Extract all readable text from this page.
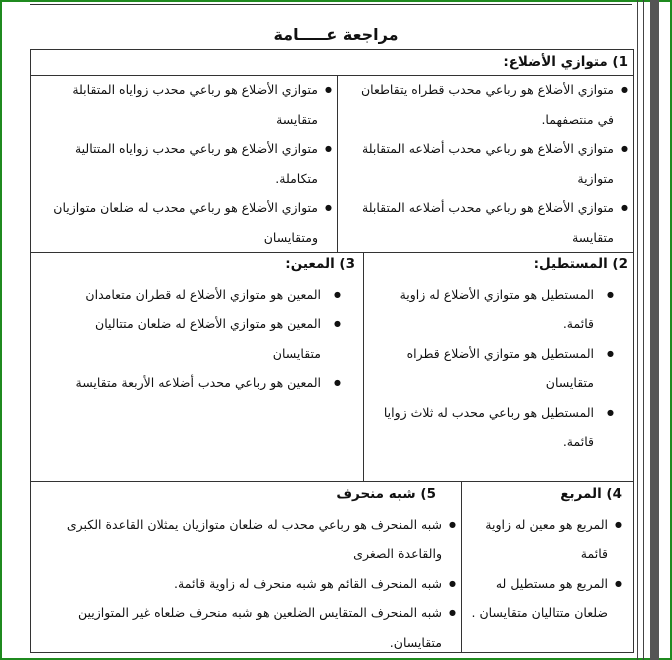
مراجعة عـــــامة
1) متوازي الأضلاع:
● متوازي الأضلاع هو رباعي محدب قطراه يتقاطعان في منتصفهما.
● متوازي الأضلاع هو رباعي محدب أضلاعه المتقابلة متوازية
● متوازي الأضلاع هو رباعي محدب أضلاعه المتقابلة متقايسة
● متوازي الأضلاع هو رباعي محدب زواياه المتقابلة متقايسة
● متوازي الأضلاع هو رباعي محدب زواياه المتتالية متكاملة.
● متوازي الأضلاع هو رباعي محدب له ضلعان متوازيان ومتقايسان
2) المستطيل:
● المستطيل هو متوازي الأضلاع له زاوية قائمة.
● المستطيل هو متوازي الأضلاع قطراه متقايسان
● المستطيل هو رباعي محدب له ثلاث زوايا قائمة.
3) المعين:
● المعين هو متوازي الأضلاع له قطران متعامدان
● المعين هو متوازي الأضلاع له ضلعان متتاليان متقايسان
● المعين هو رباعي محدب أضلاعه الأربعة متقايسة
4) المربع
● المربع هو معين له زاوية قائمة
● المربع هو مستطيل له ضلعان متتاليان متقايسان .
5) شبه منحرف
● شبه المنحرف هو رباعي محدب له ضلعان متوازيان يمثلان القاعدة الكبرى والقاعدة الصغرى
● شبه المنحرف القائم هو شبه منحرف له زاوية قائمة.
● شبه المنحرف المتقايس الضلعين هو شبه منحرف ضلعاه غير المتوازيين متقايسان.
